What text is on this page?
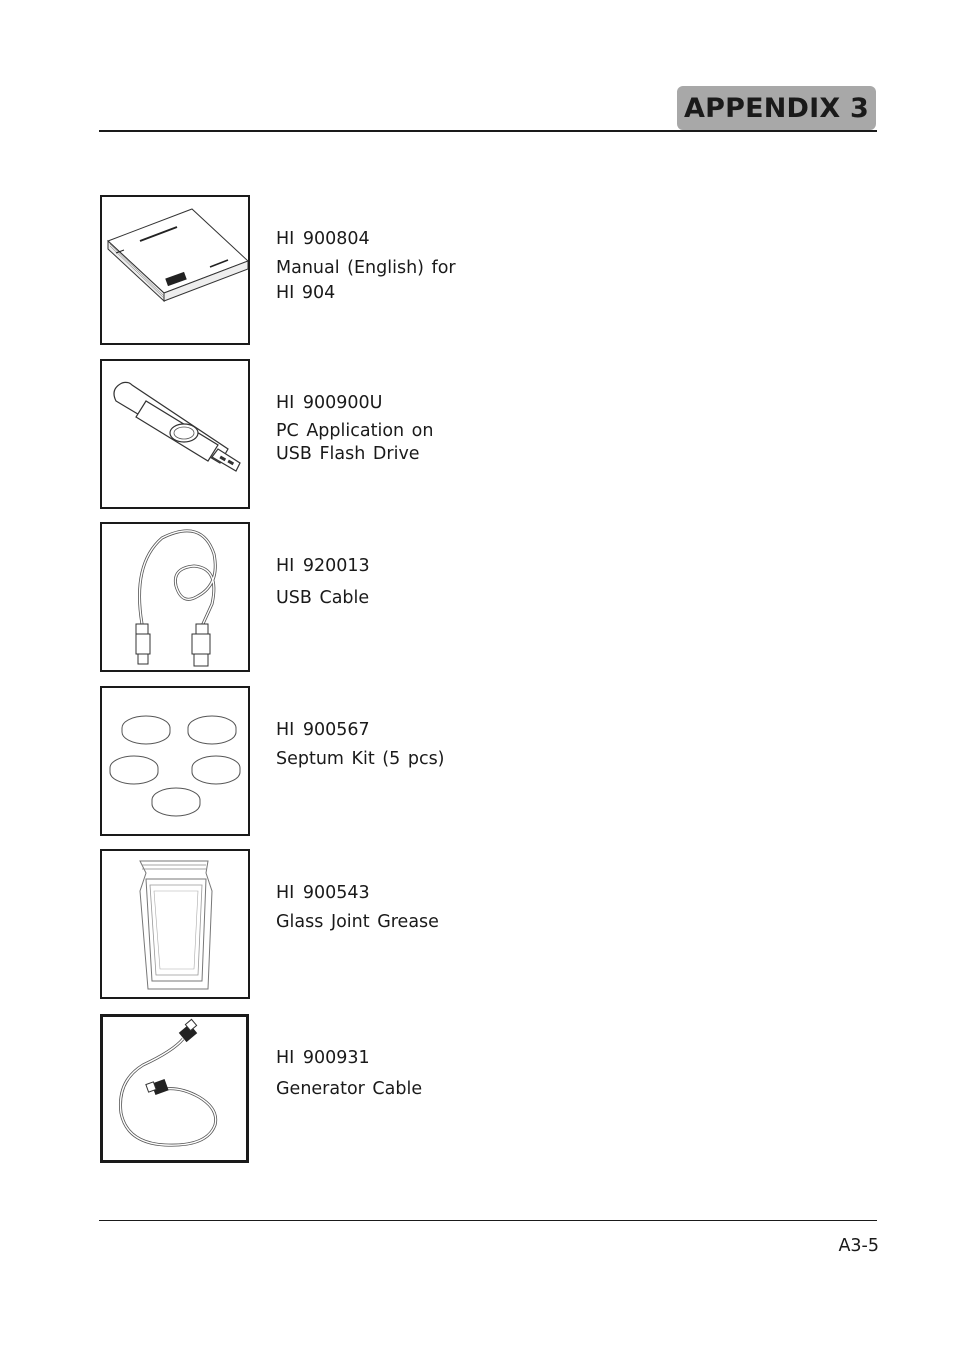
APPENDIX 3
HI 900804
Manual (English) for HI 904
HI 900900U
PC Application on USB Flash Drive
HI 920013
USB Cable
HI 900567
Septum Kit (5 pcs)
HI 900543
Glass Joint Grease
HI 900931
Generator Cable
A3-5
